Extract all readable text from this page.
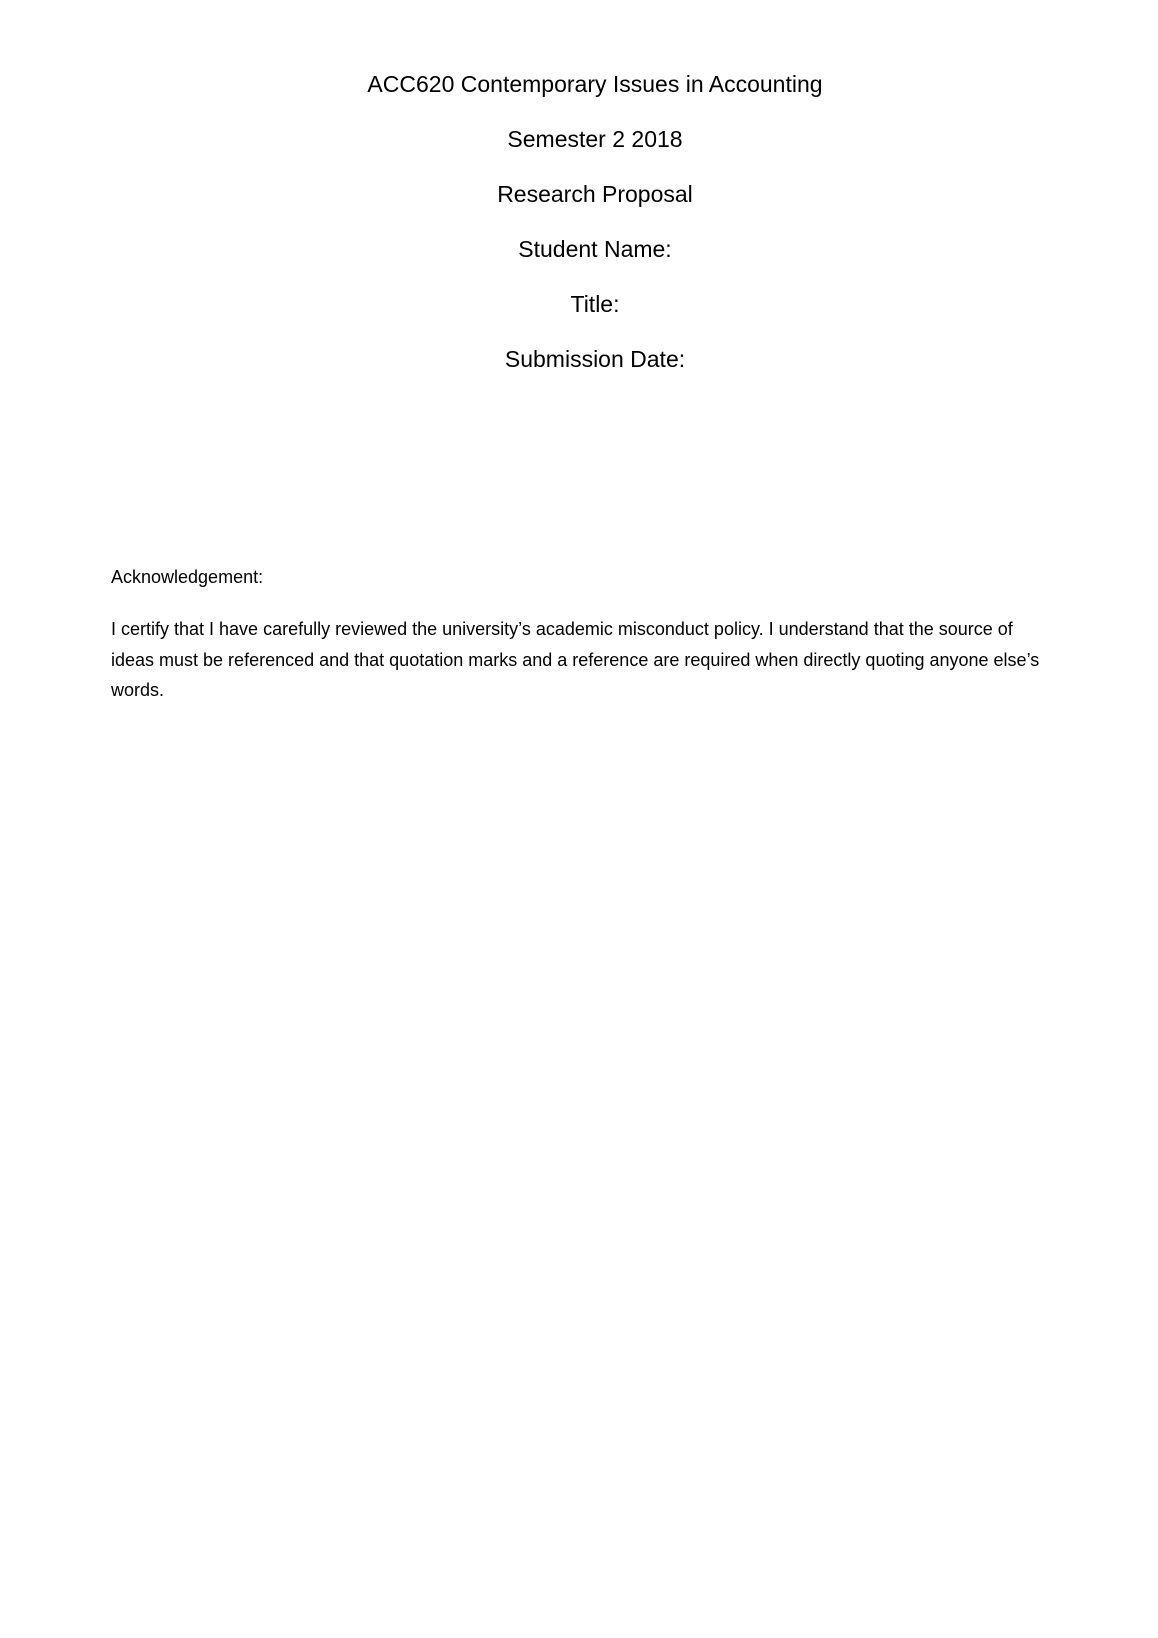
ACC620 Contemporary Issues in Accounting
Semester 2 2018
Research Proposal
Student Name:
Title:
Submission Date:
Acknowledgement:
I certify that I have carefully reviewed the university’s academic misconduct policy. I understand that the source of ideas must be referenced and that quotation marks and a reference are required when directly quoting anyone else’s words.
